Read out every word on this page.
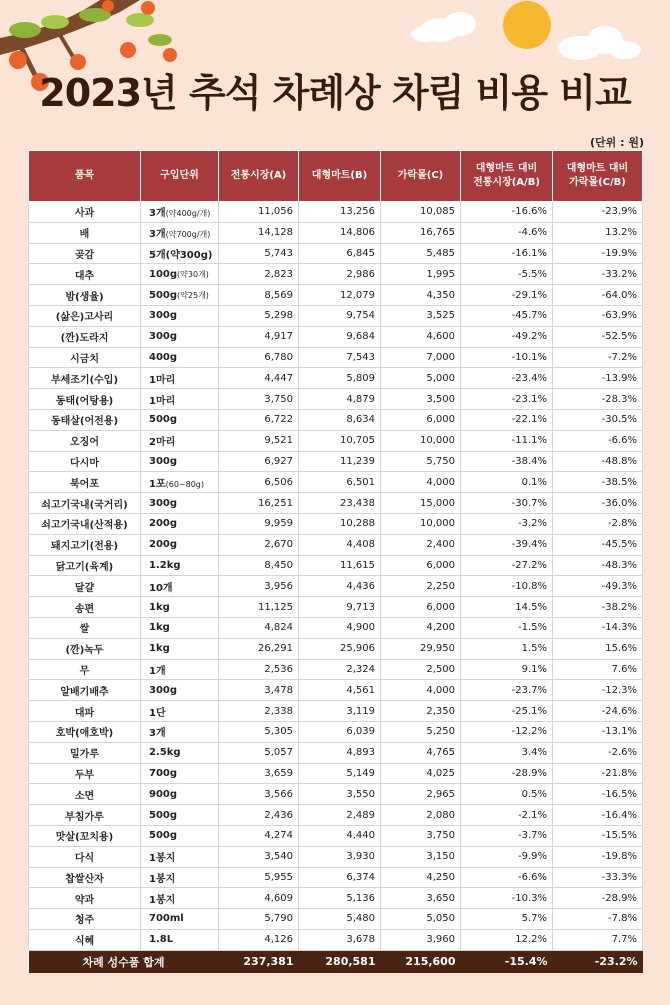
2023년 추석 차례상 차림 비용 비교
(단위 : 원)
품목	구입단위	전통시장(A)	대형마트(B)	가락몰(C)	대형마트 대비 전통시장(A/B)	대형마트 대비 가락몰(C/B)
사과	3개(약400g/개)	11,056	13,256	10,085	-16.6%	-23.9%
배	3개(약700g/개)	14,128	14,806	16,765	-4.6%	13.2%
곶감	5개(약300g)	5,743	6,845	5,485	-16.1%	-19.9%
대추	100g(약30개)	2,823	2,986	1,995	-5.5%	-33.2%
밤(생율)	500g(약25개)	8,569	12,079	4,350	-29.1%	-64.0%
(삶은)고사리	300g	5,298	9,754	3,525	-45.7%	-63.9%
(깐)도라지	300g	4,917	9,684	4,600	-49.2%	-52.5%
시금치	400g	6,780	7,543	7,000	-10.1%	-7.2%
부세조기(수입)	1마리	4,447	5,809	5,000	-23.4%	-13.9%
동태(어탕용)	1마리	3,750	4,879	3,500	-23.1%	-28.3%
동태살(어전용)	500g	6,722	8,634	6,000	-22.1%	-30.5%
오징어	2마리	9,521	10,705	10,000	-11.1%	-6.6%
다시마	300g	6,927	11,239	5,750	-38.4%	-48.8%
북어포	1포(60~80g)	6,506	6,501	4,000	0.1%	-38.5%
쇠고기국내(국거리)	300g	16,251	23,438	15,000	-30.7%	-36.0%
쇠고기국내(산적용)	200g	9,959	10,288	10,000	-3.2%	-2.8%
돼지고기(전용)	200g	2,670	4,408	2,400	-39.4%	-45.5%
닭고기(육계)	1.2kg	8,450	11,615	6,000	-27.2%	-48.3%
달걀	10개	3,956	4,436	2,250	-10.8%	-49.3%
송편	1kg	11,125	9,713	6,000	14.5%	-38.2%
쌀	1kg	4,824	4,900	4,200	-1.5%	-14.3%
(깐)녹두	1kg	26,291	25,906	29,950	1.5%	15.6%
무	1개	2,536	2,324	2,500	9.1%	7.6%
알배기배추	300g	3,478	4,561	4,000	-23.7%	-12.3%
대파	1단	2,338	3,119	2,350	-25.1%	-24.6%
호박(애호박)	3개	5,305	6,039	5,250	-12.2%	-13.1%
밀가루	2.5kg	5,057	4,893	4,765	3.4%	-2.6%
두부	700g	3,659	5,149	4,025	-28.9%	-21.8%
소면	900g	3,566	3,550	2,965	0.5%	-16.5%
부침가루	500g	2,436	2,489	2,080	-2.1%	-16.4%
맛살(꼬치용)	500g	4,274	4,440	3,750	-3.7%	-15.5%
다식	1봉지	3,540	3,930	3,150	-9.9%	-19.8%
찹쌀산자	1봉지	5,955	6,374	4,250	-6.6%	-33.3%
약과	1봉지	4,609	5,136	3,650	-10.3%	-28.9%
청주	700ml	5,790	5,480	5,050	5.7%	-7.8%
식혜	1.8L	4,126	3,678	3,960	12.2%	7.7%
차례 성수품 합계		237,381	280,581	215,600	-15.4%	-23.2%
